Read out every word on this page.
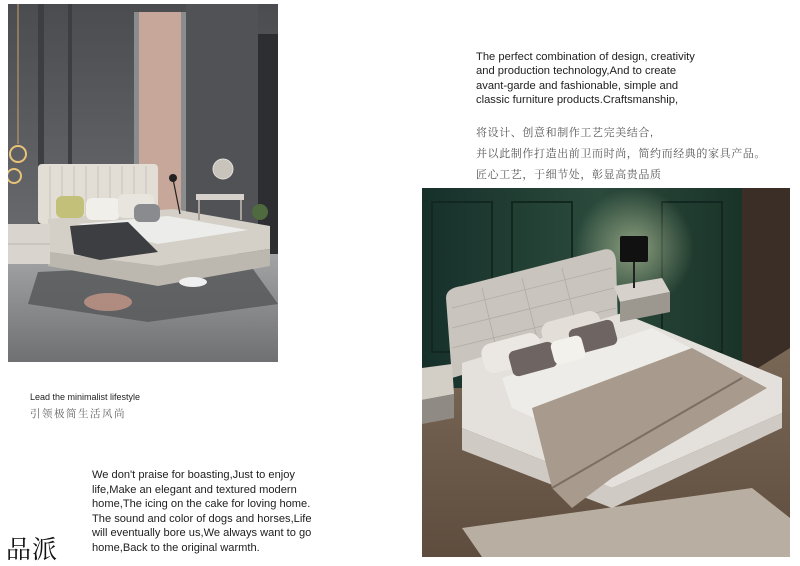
The perfect combination of design, creativity
and production technology,And to create
avant-garde and fashionable, simple and
classic furniture products.Craftsmanship,
将设计、创意和制作工艺完美结合,
并以此制作打造出前卫而时尚，简约而经典的家具产品。
匠心工艺，于细节处，彰显高贵品质
Lead the minimalist lifestyle
引领极简生活风尚
We don't praise for boasting,Just to enjoy
life,Make an elegant and textured modern
home,The icing on the cake for loving home.
The sound and color of dogs and horses,Life
will eventually bore us,We always want to go
home,Back to the original warmth.
品派
